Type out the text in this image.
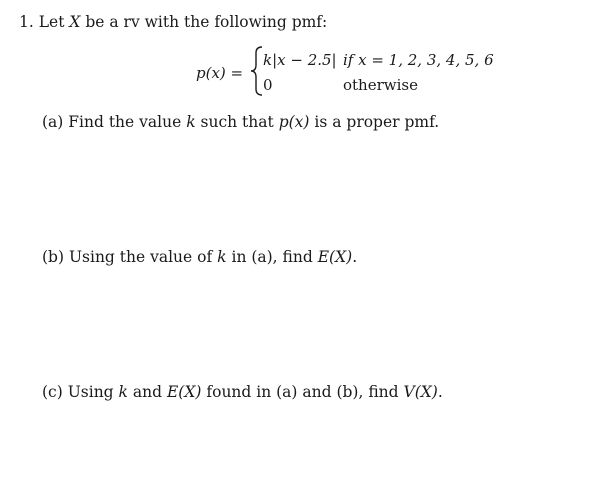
1. Let X be a rv with the following pmf:
p(x) =
k|x − 2.5| if x = 1, 2, 3, 4, 5, 6
0	otherwise
(a) Find the value k such that p(x) is a proper pmf.
(b) Using the value of k in (a), find E(X).
(c) Using k and E(X) found in (a) and (b), find V(X).
